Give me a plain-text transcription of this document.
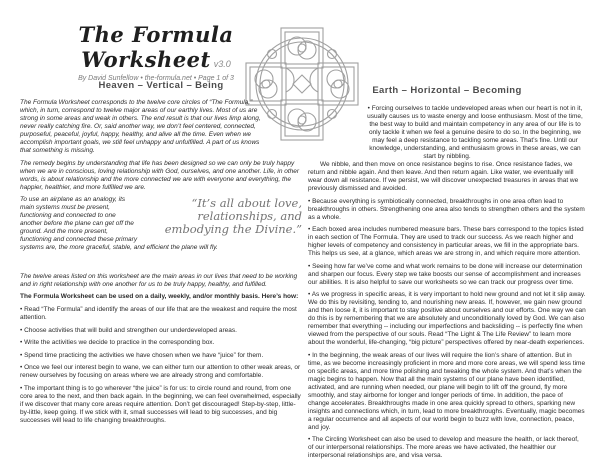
The Formula Worksheet v3.0
By David Sunfellow • the-formula.net • Page 1 of 3
Heaven – Vertical – Being

The Formula Worksheet corresponds to the twelve core circles of “The Formula,” which, in turn, correspond to twelve major areas of our earthly lives. Most of us are strong in some areas and weak in others. The end result is that our lives limp along, never really catching fire. Or, said another way, we don’t feel centered, connected, purposeful, peaceful, joyful, happy, healthy, and alive all the time. Even when we accomplish important goals, we still feel unhappy and unfulfilled. A part of us knows that something is missing.

The remedy begins by understanding that life has been designed so we can only be truly happy when we are in conscious, loving relationship with God, ourselves, and one another. Life, in other words, is about relationship and the more connected we are with everyone and everything, the happier, healthier, and more fulfilled we are.

“It’s all about love, relationships, and embodying the Divine.”

To use an airplane as an analogy, its main systems must be present, functioning and connected to one another before the plane can get off the ground. And the more present, functioning and connected these primary systems are, the more graceful, stable, and efficient the plane will fly.

The twelve areas listed on this worksheet are the main areas in our lives that need to be working and in right relationship with one another for us to be truly happy, healthy, and fulfilled.

The Formula Worksheet can be used on a daily, weekly, and/or monthly basis. Here’s how:

• Read “The Formula” and identify the areas of our life that are the weakest and require the most attention.

• Choose activities that will build and strengthen our underdeveloped areas.

• Write the activities we decide to practice in the corresponding box.

• Spend time practicing the activities we have chosen when we have “juice” for them.

• Once we feel our interest begin to wane, we can either turn our attention to other weak areas, or renew ourselves by focusing on areas where we are already strong and comfortable.

• The important thing is to go wherever “the juice” is for us: to circle round and round, from one core area to the next, and then back again. In the beginning, we can feel overwhelmed, especially if we discover that many core areas require attention. Don’t get discouraged! Step-by-step, little-by-little, keep going. If we stick with it, small successes will lead to big successes, and big successes will lead to life changing breakthroughs.

Earth – Horizontal – Becoming

• Forcing ourselves to tackle undeveloped areas when our heart is not in it, usually causes us to waste energy and loose enthusiasm. Most of the time, the best way to build and maintain competency in any area of our life is to only tackle it when we feel a genuine desire to do so. In the beginning, we may feel a deep resistance to tackling some areas. That’s fine. Until our knowledge, understanding, and enthusiasm grows in these areas, we can start by nibbling.

We nibble, and then move on once resistance begins to rise. Once resistance fades, we return and nibble again. And then leave. And then return again. Like water, we eventually will wear down all resistance. If we persist, we will discover unexpected treasures in areas that we previously dismissed and avoided.

• Because everything is symbiotically connected, breakthroughs in one area often lead to breakthroughs in others. Strengthening one area also tends to strengthen others and the system as a whole.

• Each boxed area includes numbered measure bars. These bars correspond to the topics listed in each section of The Formula. They are used to track our success. As we reach higher and higher levels of competency and consistency in particular areas, we fill in the appropriate bars. This helps us see, at a glance, which areas we are strong in, and which require more attention.

• Seeing how far we’ve come and what work remains to be done will increase our determination and sharpen our focus. Every step we take boosts our sense of accomplishment and increases our abilities. It is also helpful to save our worksheets so we can track our progress over time.

• As we progress in specific areas, it is very important to hold new ground and not let it slip away. We do this by revisiting, tending to, and nourishing new areas. If, however, we gain new ground and then loose it, it is important to stay positive about ourselves and our efforts. One way we can do this is by remembering that we are absolutely and unconditionally loved by God. We can also remember that everything -- including our imperfections and backsliding -- is perfectly fine when viewed from the perspective of our souls. Read “The Light & The Life Review” to learn more about the wonderful, life-changing, “big picture” perspectives offered by near-death experiences.

• In the beginning, the weak areas of our lives will require the lion’s share of attention. But in time, as we become increasingly proficient in more and more core areas, we will spend less time on specific areas, and more time polishing and tweaking the whole system. And that’s when the magic begins to happen. Now that all the main systems of our plane have been identified, activated, and are running when needed, our plane will begin to lift off the ground, fly more smoothly, and stay airborne for longer and longer periods of time. In addition, the pace of change accelerates. Breakthroughs made in one area quickly spread to others, sparking new insights and connections which, in turn, lead to more breakthroughs. Eventually, magic becomes a regular occurrence and all aspects of our world begin to buzz with love, connection, peace, and joy.

• The Circling Worksheet can also be used to develop and measure the health, or lack thereof, of our interpersonal relationships. The more areas we have activated, the healthier our interpersonal relationships are, and visa versa.
